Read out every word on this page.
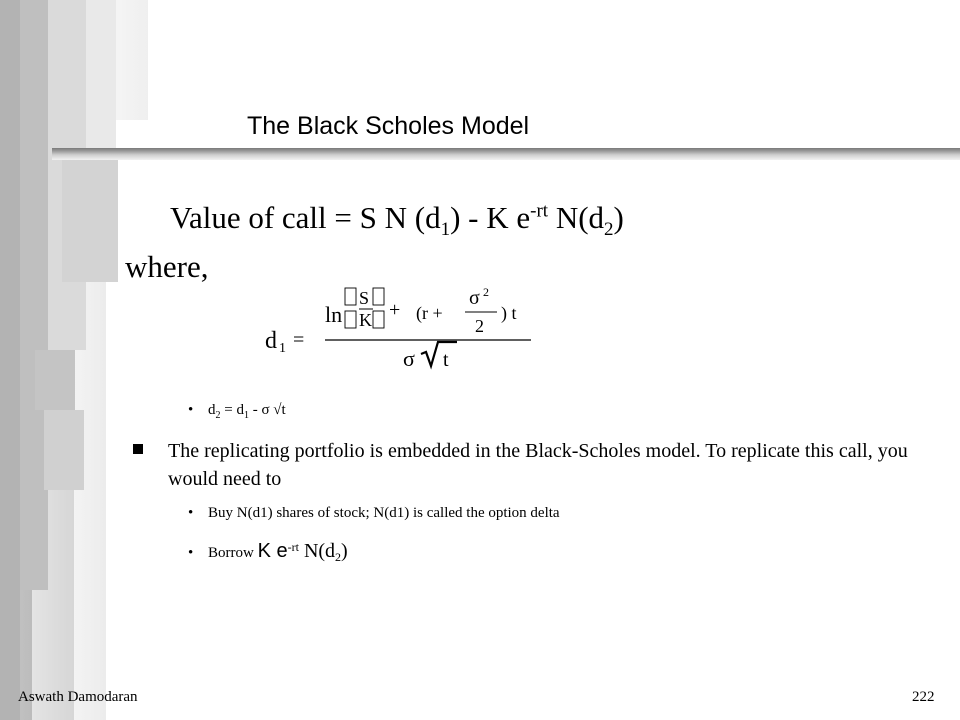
The Black Scholes Model
Value of call = S N $(d_1)$ - K $e^{-rt}$ $N(d_2)$
where,
d 1 =
ln
S
K + (r +
σ 2
2
) t
σ t
• $d_2 = d_1 - \sigma$ √t
The replicating portfolio is embedded in the Black-Scholes model. To replicate this call, you would need to
• Buy N(d1) shares of stock; N(d1) is called the option delta
• Borrow K $e^{-rt}$ $N(d_2)$
Aswath Damodaran	222
